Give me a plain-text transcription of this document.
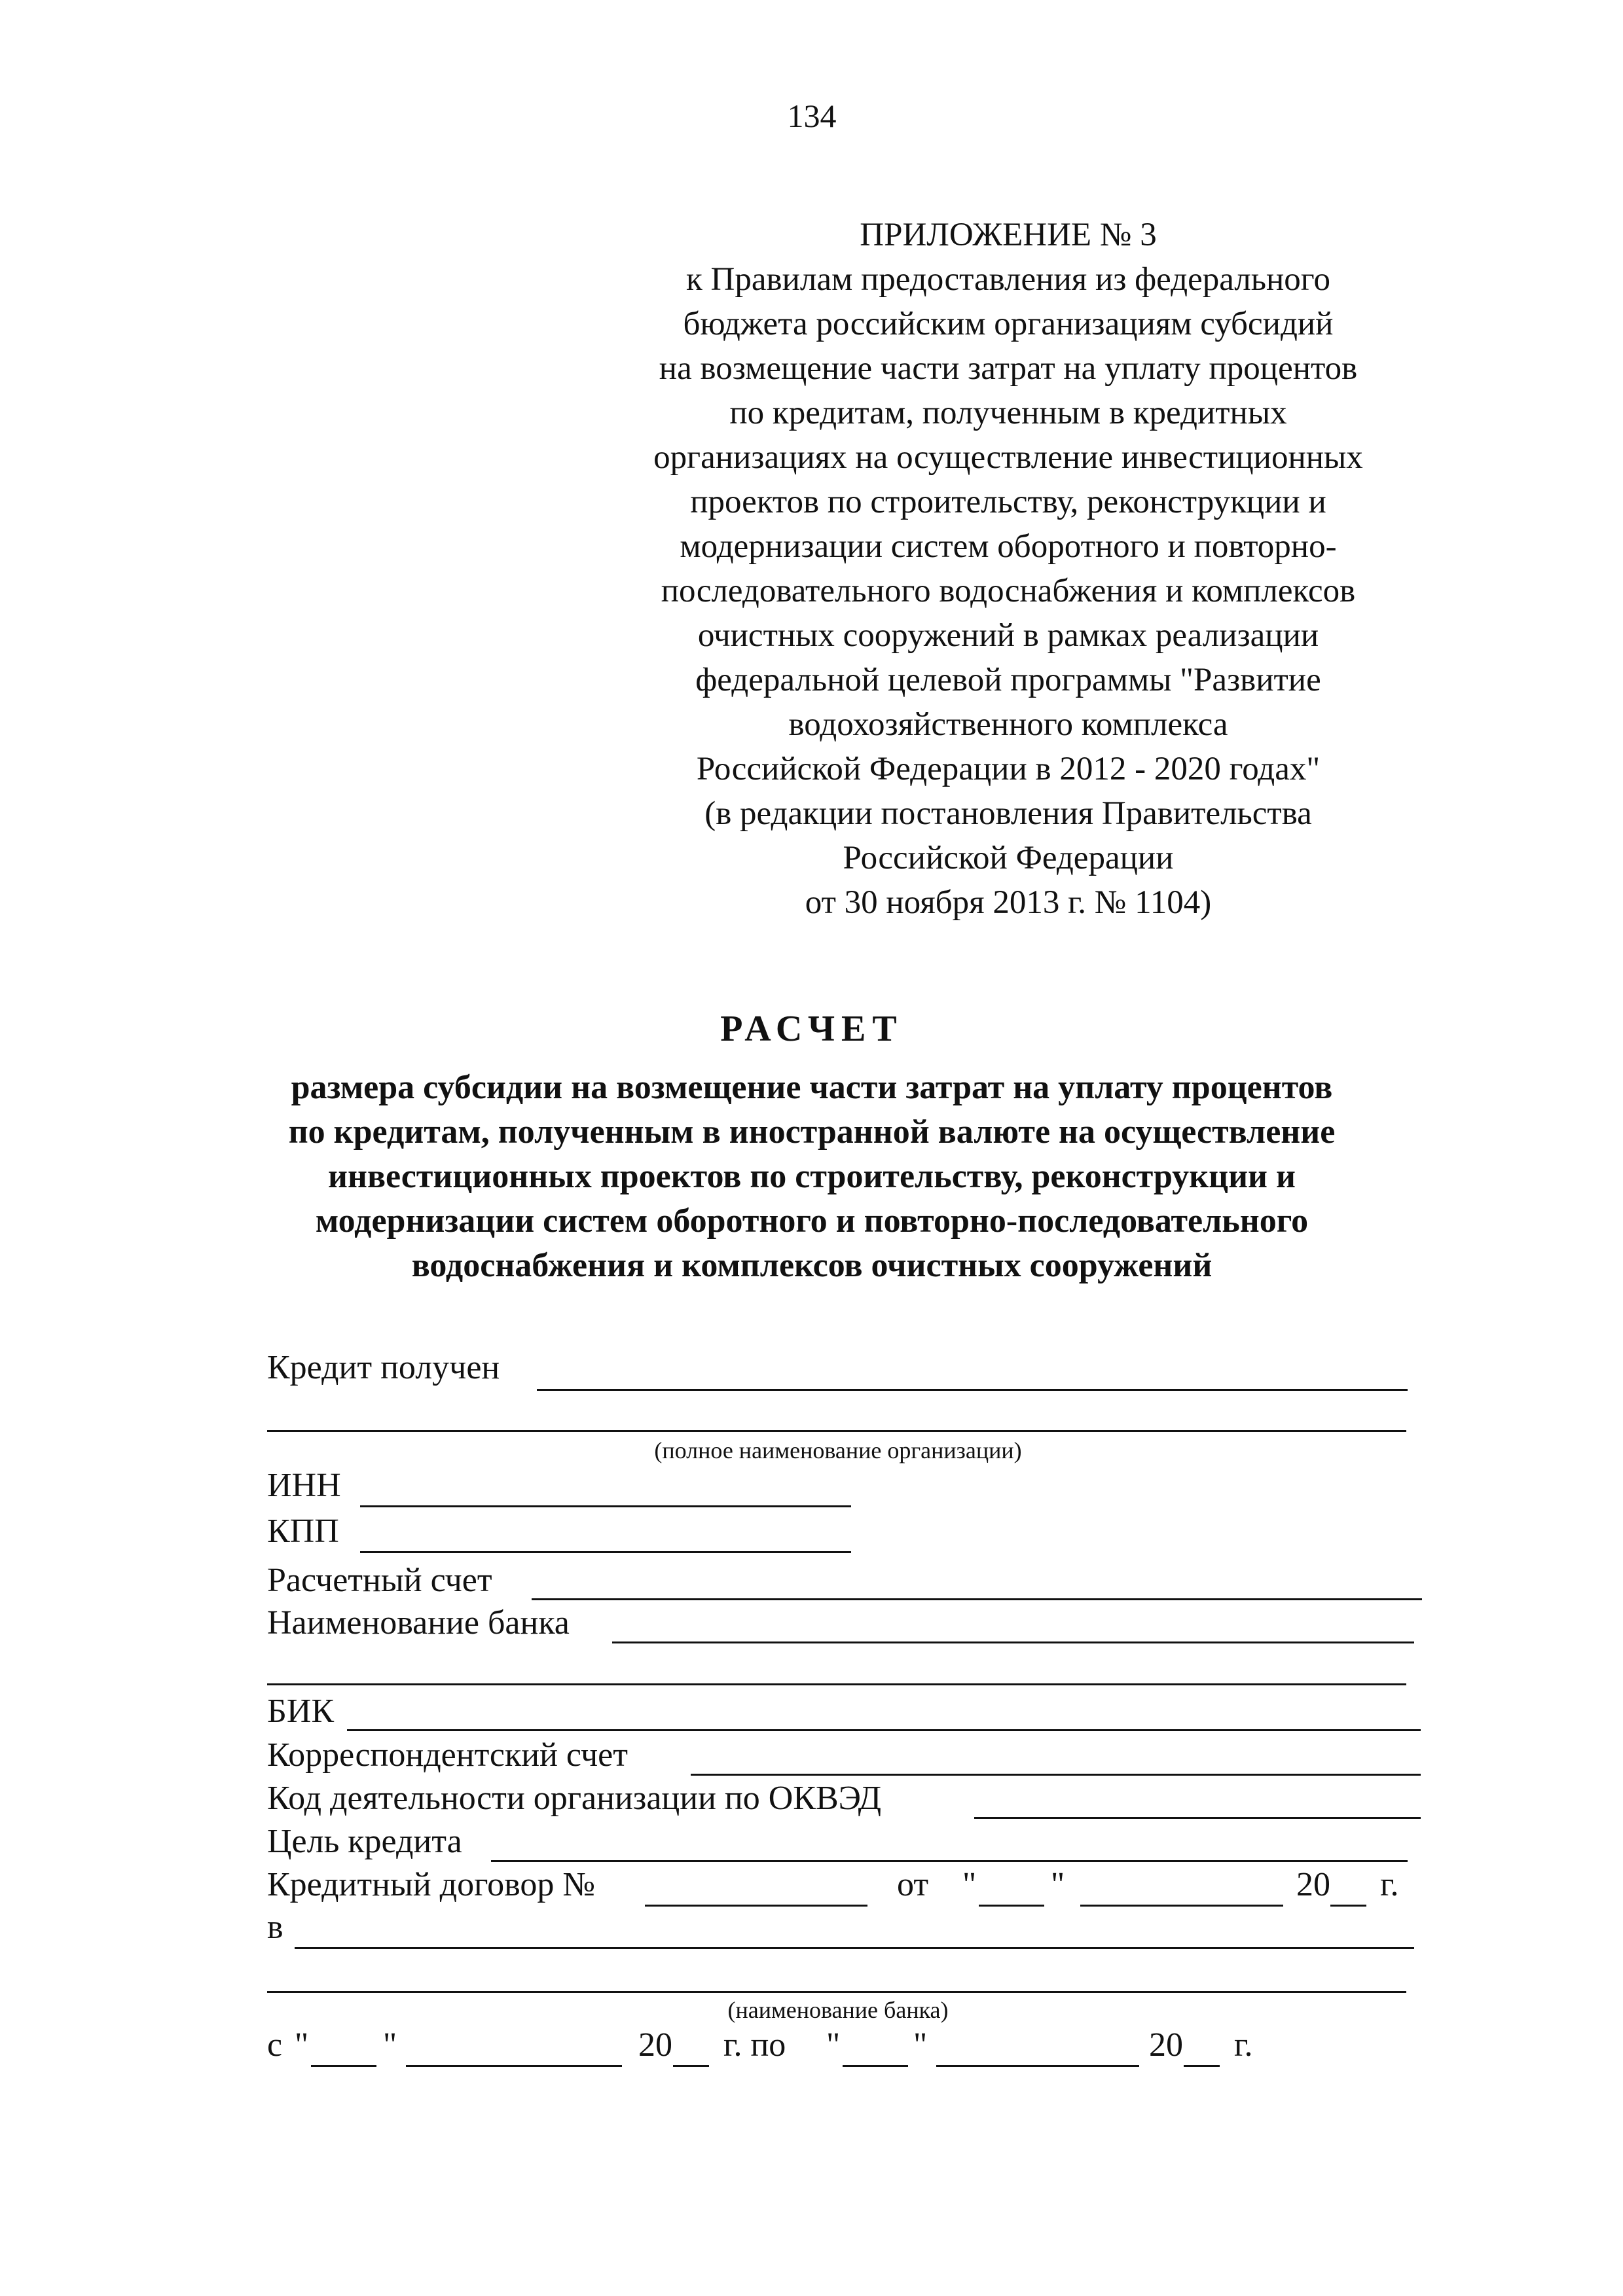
134
ПРИЛОЖЕНИЕ № 3
к Правилам предоставления из федерального
бюджета российским организациям субсидий
на возмещение части затрат на уплату процентов
по кредитам, полученным в кредитных
организациях на осуществление инвестиционных
проектов по строительству, реконструкции и
модернизации систем оборотного и повторно-
последовательного водоснабжения и комплексов
очистных сооружений в рамках реализации
федеральной целевой программы "Развитие
водохозяйственного комплекса
Российской Федерации в 2012 - 2020 годах"
(в редакции постановления Правительства
Российской Федерации
от 30 ноября 2013 г. № 1104)
РАСЧЕТ
размера субсидии на возмещение части затрат на уплату процентов
по кредитам, полученным в иностранной валюте на осуществление
инвестиционных проектов по строительству, реконструкции и
модернизации систем оборотного и повторно-последовательного
водоснабжения и комплексов очистных сооружений
Кредит получен
(полное наименование организации)
ИНН
КПП
Расчетный счет
Наименование банка
БИК
Корреспондентский счет
Код деятельности организации по ОКВЭД
Цель кредита
Кредитный договор №	от " "	20 г.
в
(наименование банка)
с " "	20 г. по " "	20 г.
